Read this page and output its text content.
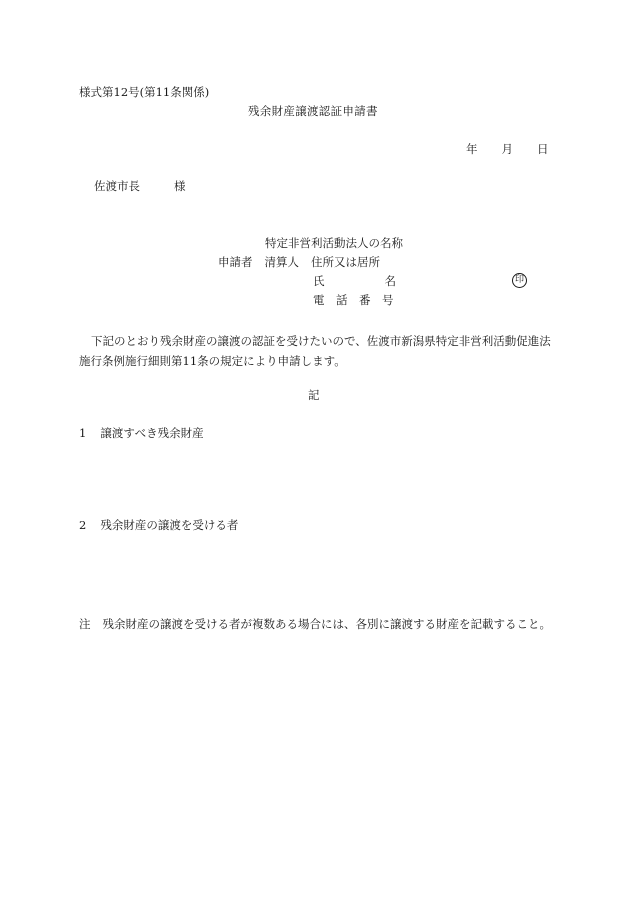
様式第12号(第11条関係)
残余財産譲渡認証申請書
年 月 日
佐渡市長	様
特定非営利活動法人の名称
申請者 清算人 住所又は居所
氏	名	印
電　話　番　号
下記のとおり残余財産の譲渡の認証を受けたいので、佐渡市新潟県特定非営利活動促進法施行条例施行細則第11条の規定により申請します。
記
1 譲渡すべき残余財産
2 残余財産の譲渡を受ける者
注 残余財産の譲渡を受ける者が複数ある場合には、各別に譲渡する財産を記載すること。
